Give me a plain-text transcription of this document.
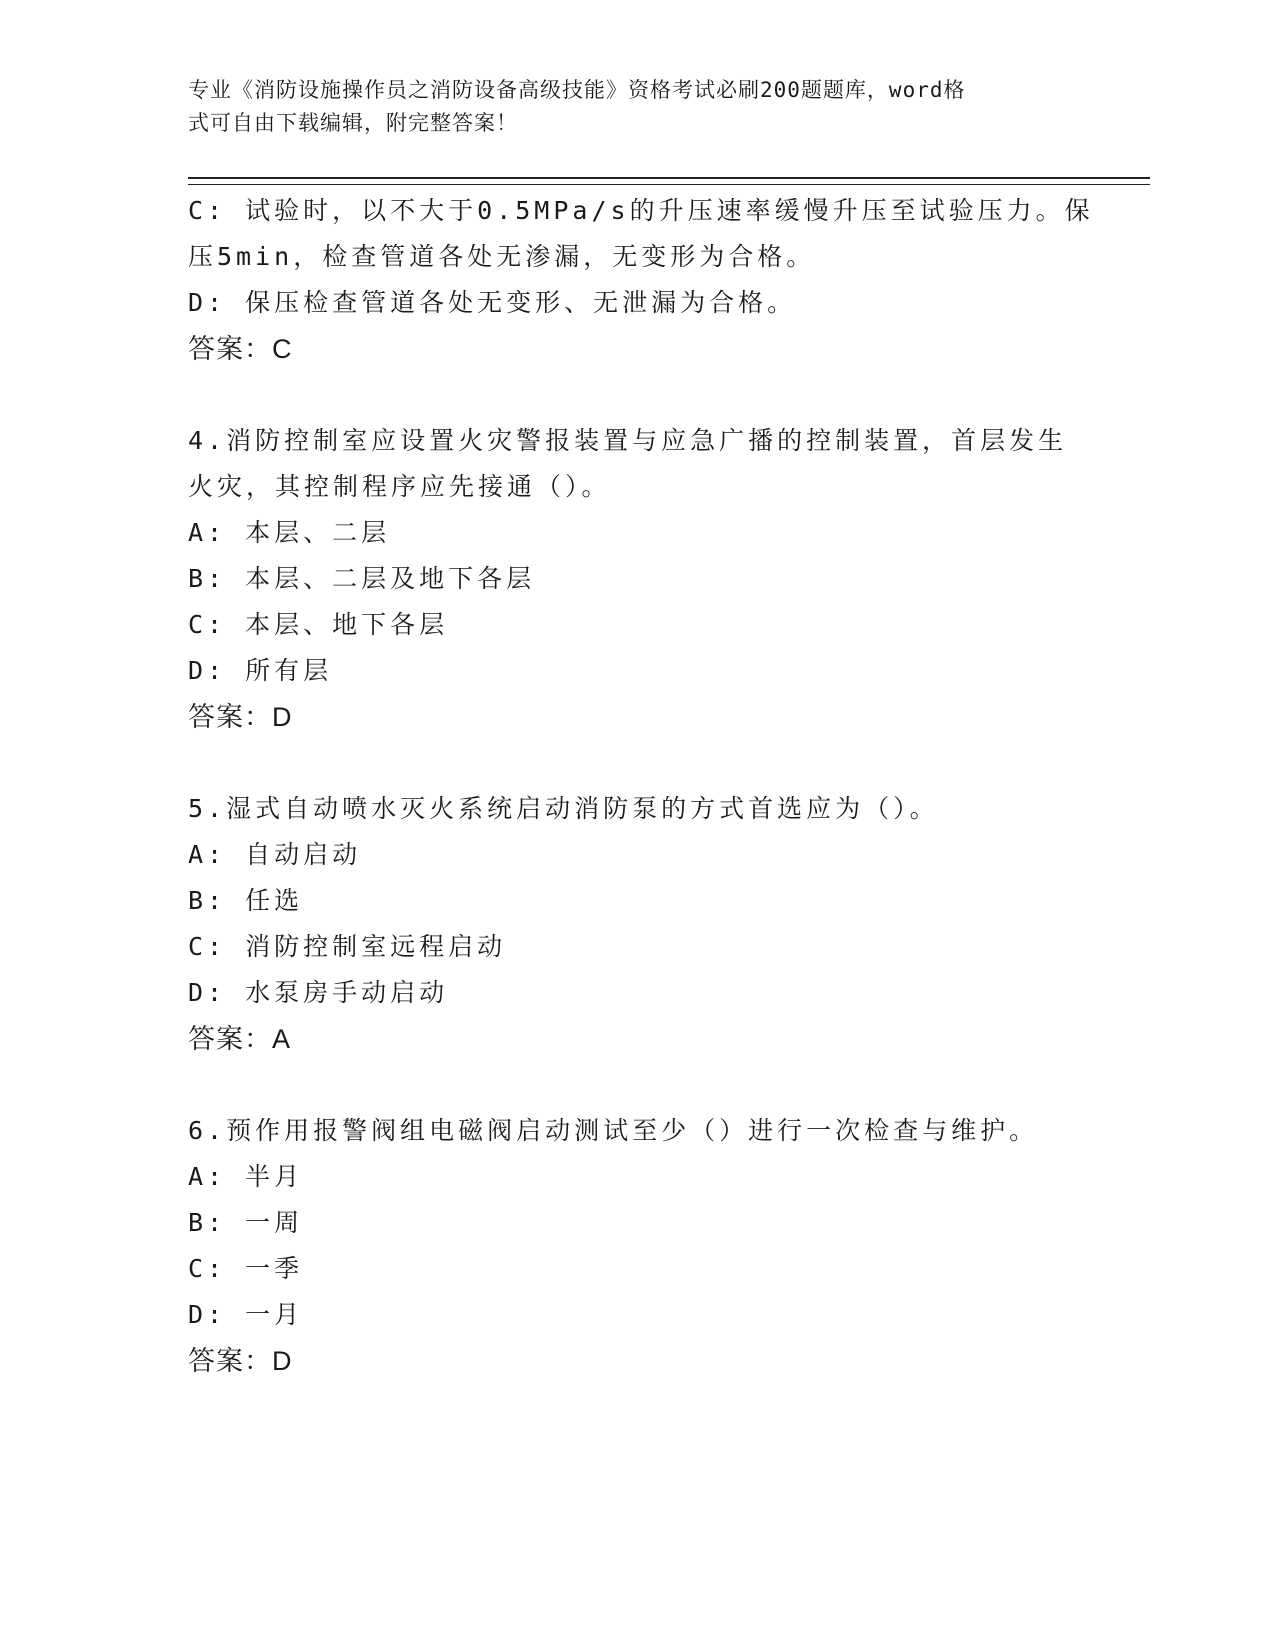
专业《消防设施操作员之消防设备高级技能》资格考试必刷200题题库，word格
式可自由下载编辑，附完整答案！
C: 试验时，以不大于0.5MPa/s的升压速率缓慢升压至试验压力。保
压5min，检查管道各处无渗漏，无变形为合格。
D: 保压检查管道各处无变形、无泄漏为合格。
答案：C
4.消防控制室应设置火灾警报装置与应急广播的控制装置，首层发生
火灾，其控制程序应先接通（）。
A: 本层、二层
B: 本层、二层及地下各层
C: 本层、地下各层
D: 所有层
答案：D
5.湿式自动喷水灭火系统启动消防泵的方式首选应为（）。
A: 自动启动
B: 任选
C: 消防控制室远程启动
D: 水泵房手动启动
答案：A
6.预作用报警阀组电磁阀启动测试至少（）进行一次检查与维护。
A: 半月
B: 一周
C: 一季
D: 一月
答案：D
